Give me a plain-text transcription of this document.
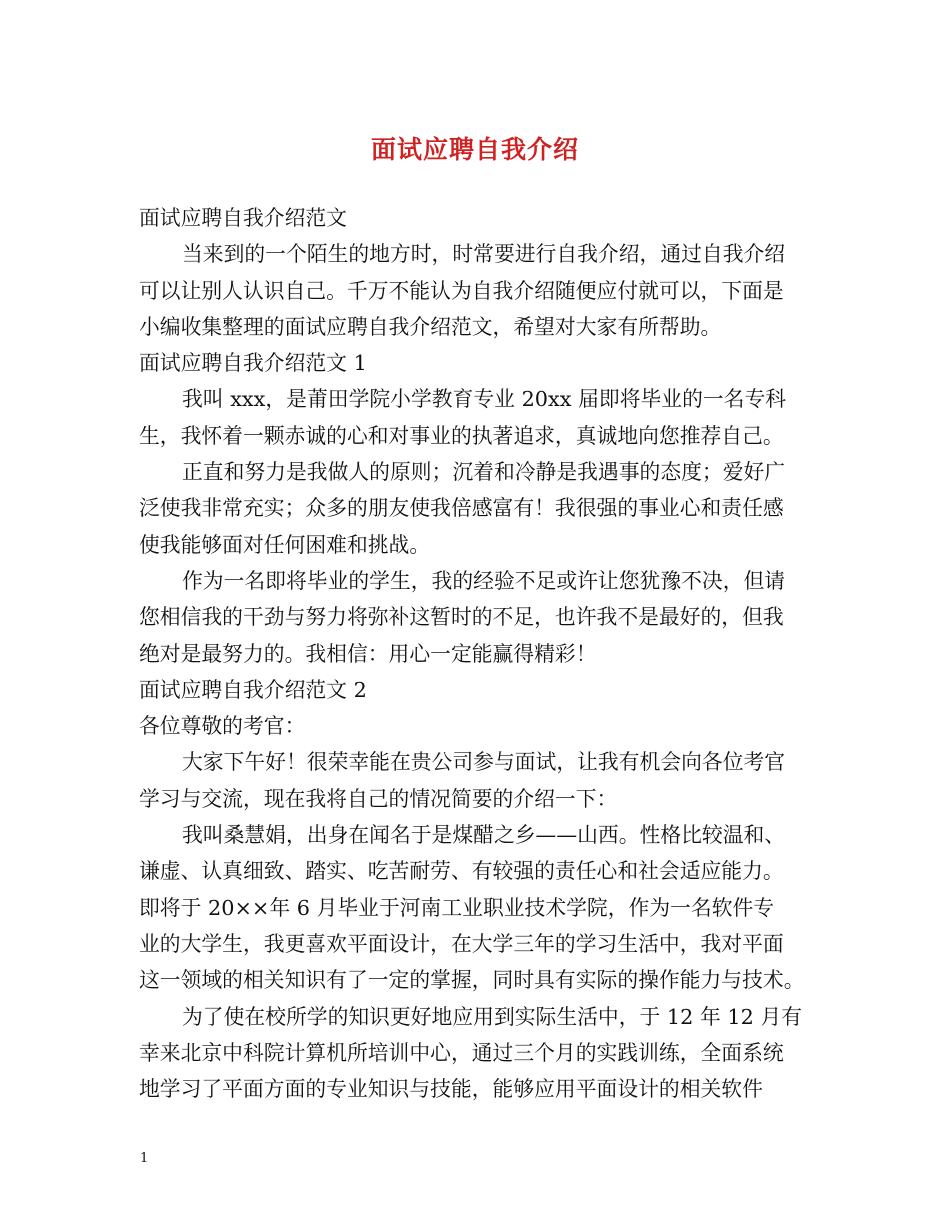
面试应聘自我介绍
面试应聘自我介绍范文
当来到的一个陌生的地方时，时常要进行自我介绍，通过自我介绍
可以让别人认识自己。千万不能认为自我介绍随便应付就可以，下面是
小编收集整理的面试应聘自我介绍范文，希望对大家有所帮助。
面试应聘自我介绍范文 1
我叫 xxx，是莆田学院小学教育专业 20xx 届即将毕业的一名专科
生，我怀着一颗赤诚的心和对事业的执著追求，真诚地向您推荐自己。
正直和努力是我做人的原则；沉着和冷静是我遇事的态度；爱好广
泛使我非常充实；众多的朋友使我倍感富有！我很强的事业心和责任感
使我能够面对任何困难和挑战。
作为一名即将毕业的学生，我的经验不足或许让您犹豫不决，但请
您相信我的干劲与努力将弥补这暂时的不足，也许我不是最好的，但我
绝对是最努力的。我相信：用心一定能赢得精彩！
面试应聘自我介绍范文 2
各位尊敬的考官：
大家下午好！很荣幸能在贵公司参与面试，让我有机会向各位考官
学习与交流，现在我将自己的情况简要的介绍一下：
我叫桑慧娟，出身在闻名于是煤醋之乡——山西。性格比较温和、
谦虚、认真细致、踏实、吃苦耐劳、有较强的责任心和社会适应能力。
即将于 20××年 6 月毕业于河南工业职业技术学院，作为一名软件专
业的大学生，我更喜欢平面设计，在大学三年的学习生活中，我对平面
这一领域的相关知识有了一定的掌握，同时具有实际的操作能力与技术。
为了使在校所学的知识更好地应用到实际生活中，于 12 年 12 月有
幸来北京中科院计算机所培训中心，通过三个月的实践训练，全面系统
地学习了平面方面的专业知识与技能，能够应用平面设计的相关软件
1
